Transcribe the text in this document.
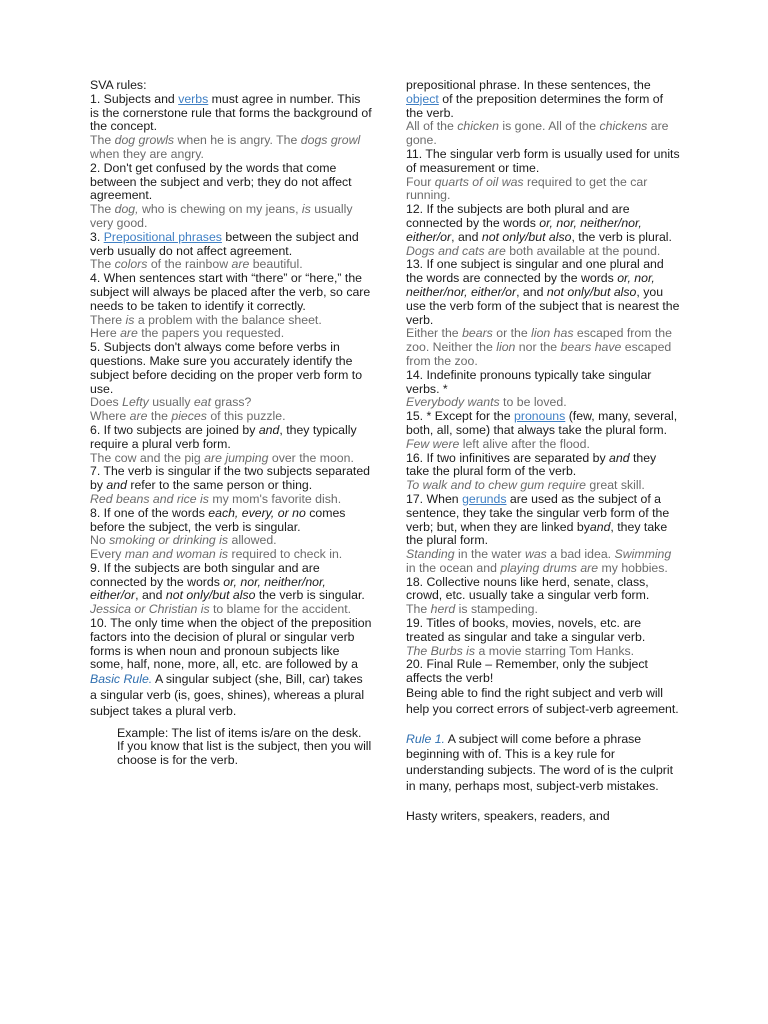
SVA rules:
1. Subjects and verbs must agree in number. This is the cornerstone rule that forms the background of the concept.
The dog growls when he is angry. The dogs growl when they are angry.
2. Don't get confused by the words that come between the subject and verb; they do not affect agreement.
The dog, who is chewing on my jeans, is usually very good.
3. Prepositional phrases between the subject and verb usually do not affect agreement.
The colors of the rainbow are beautiful.
4. When sentences start with “there” or “here,” the subject will always be placed after the verb, so care needs to be taken to identify it correctly.
There is a problem with the balance sheet.
Here are the papers you requested.
5. Subjects don't always come before verbs in questions. Make sure you accurately identify the subject before deciding on the proper verb form to use.
Does Lefty usually eat grass?
Where are the pieces of this puzzle.
6. If two subjects are joined by and, they typically require a plural verb form.
The cow and the pig are jumping over the moon.
7. The verb is singular if the two subjects separated by and refer to the same person or thing.
Red beans and rice is my mom's favorite dish.
8. If one of the words each, every, or no comes before the subject, the verb is singular.
No smoking or drinking is allowed.
Every man and woman is required to check in.
9. If the subjects are both singular and are connected by the words or, nor, neither/nor, either/or, and not only/but also the verb is singular.
Jessica or Christian is to blame for the accident.
10. The only time when the object of the preposition factors into the decision of plural or singular verb forms is when noun and pronoun subjects like some, half, none, more, all, etc. are followed by a
Basic Rule. A singular subject (she, Bill, car) takes a singular verb (is, goes, shines), whereas a plural subject takes a plural verb.
Example: The list of items is/are on the desk.
If you know that list is the subject, then you will choose is for the verb.
prepositional phrase. In these sentences, the object of the preposition determines the form of the verb.
All of the chicken is gone. All of the chickens are gone.
11. The singular verb form is usually used for units of measurement or time.
Four quarts of oil was required to get the car running.
12. If the subjects are both plural and are connected by the words or, nor, neither/nor, either/or, and not only/but also, the verb is plural.
Dogs and cats are both available at the pound.
13. If one subject is singular and one plural and the words are connected by the words or, nor, neither/nor, either/or, and not only/but also, you use the verb form of the subject that is nearest the verb.
Either the bears or the lion has escaped from the zoo. Neither the lion nor the bears have escaped from the zoo.
14. Indefinite pronouns typically take singular verbs. *
Everybody wants to be loved.
15. * Except for the pronouns (few, many, several, both, all, some) that always take the plural form.
Few were left alive after the flood.
16. If two infinitives are separated by and they take the plural form of the verb.
To walk and to chew gum require great skill.
17. When gerunds are used as the subject of a sentence, they take the singular verb form of the verb; but, when they are linked byand, they take the plural form.
Standing in the water was a bad idea. Swimming in the ocean and playing drums are my hobbies.
18. Collective nouns like herd, senate, class, crowd, etc. usually take a singular verb form.
The herd is stampeding.
19. Titles of books, movies, novels, etc. are treated as singular and take a singular verb.
The Burbs is a movie starring Tom Hanks.
20. Final Rule – Remember, only the subject affects the verb!
Being able to find the right subject and verb will help you correct errors of subject-verb agreement.
Rule 1. A subject will come before a phrase beginning with of. This is a key rule for understanding subjects. The word of is the culprit in many, perhaps most, subject-verb mistakes.
Hasty writers, speakers, readers, and
